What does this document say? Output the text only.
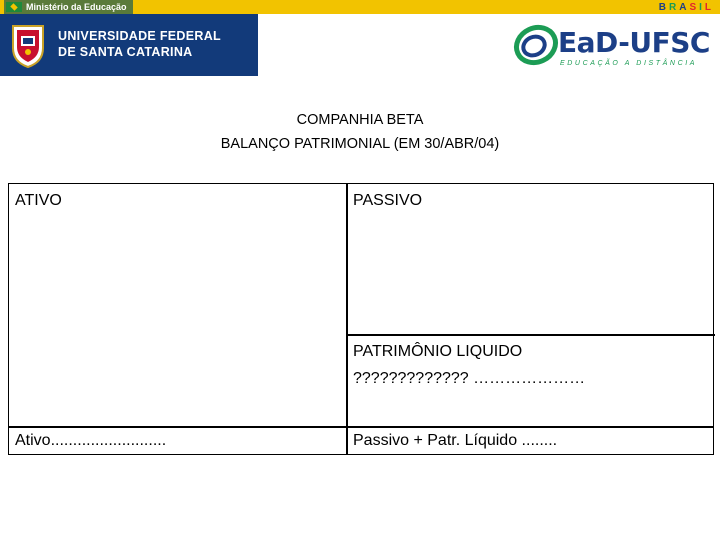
Ministério da Educação	B R A S I L
UNIVERSIDADE FEDERAL
DE SANTA CATARINA	EaD-UFSC
EDUCAÇÃO A DISTÂNCIA
COMPANHIA BETA
BALANÇO PATRIMONIAL (EM 30/ABR/04)
ATIVO	PASSIVO
PATRIMÔNIO LIQUIDO
????????????? …………………
Ativo..........................	Passivo + Patr. Líquido ........
